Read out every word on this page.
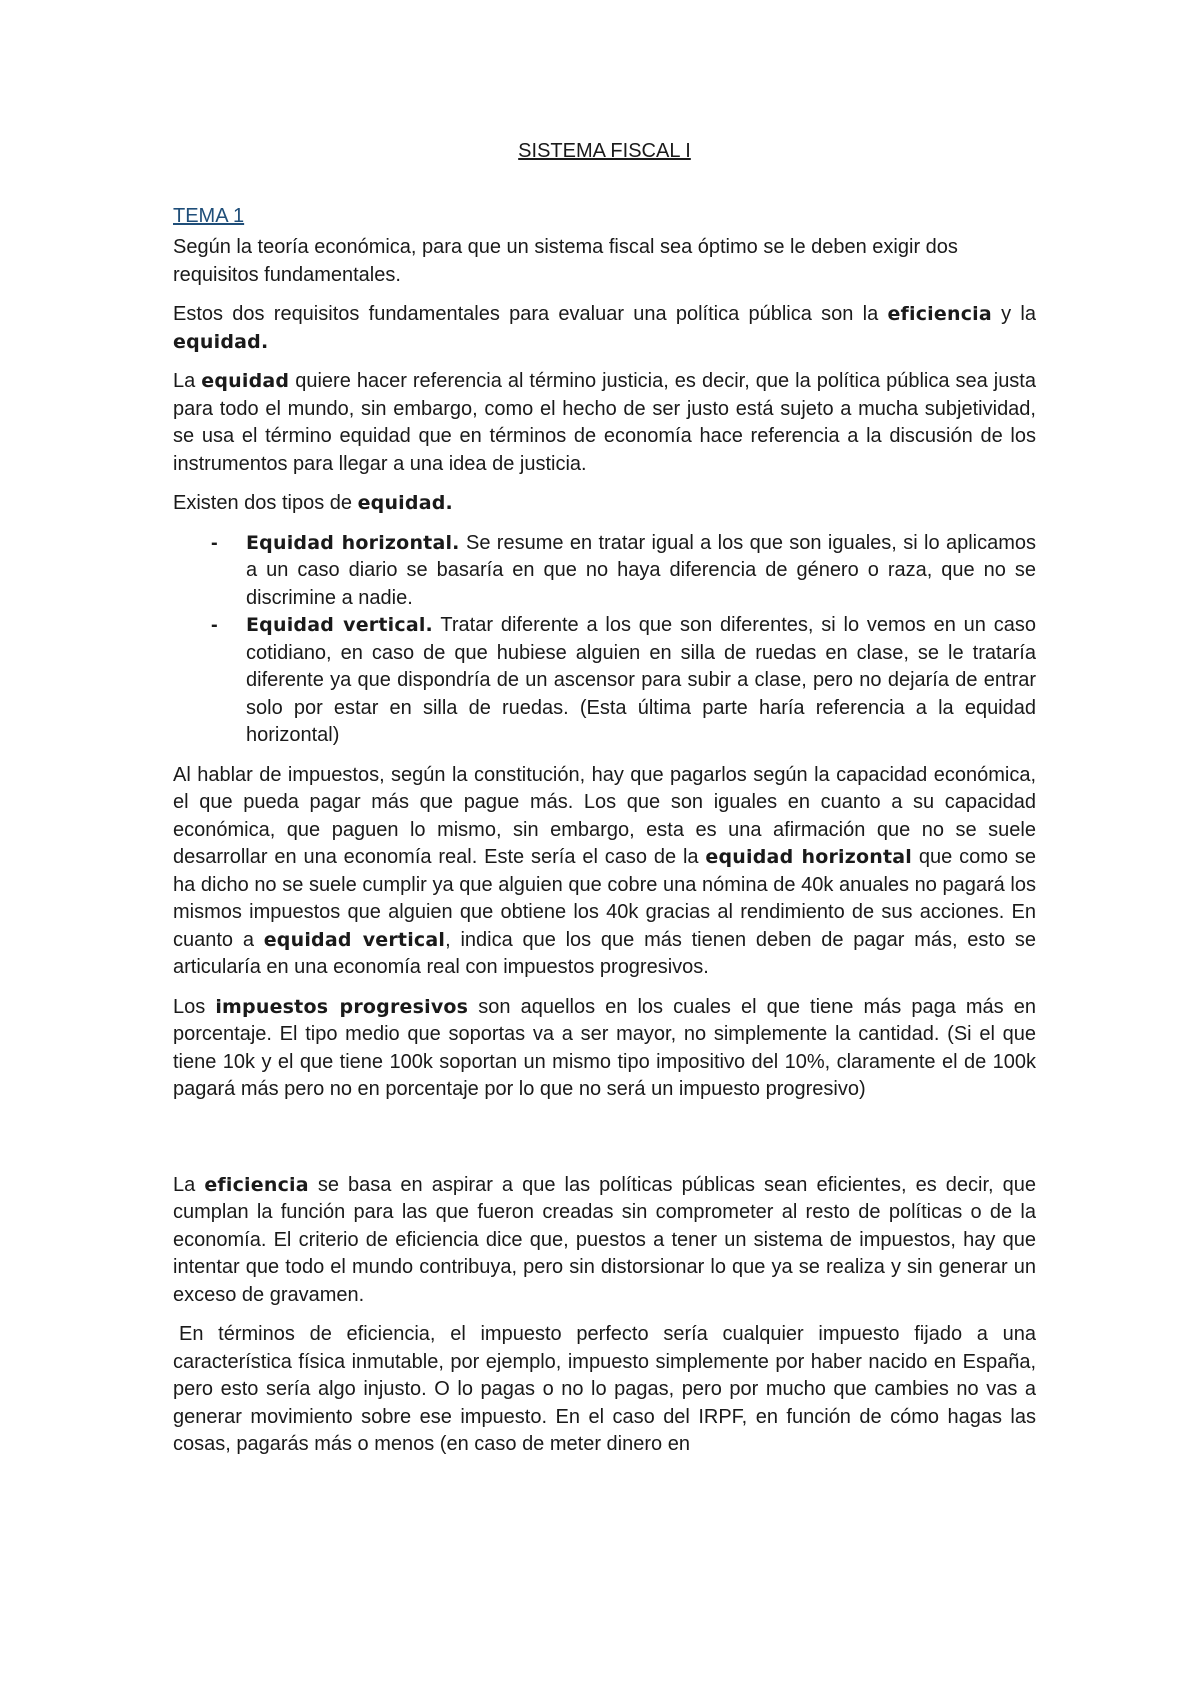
SISTEMA FISCAL I
TEMA 1

Según la teoría económica, para que un sistema fiscal sea óptimo se le deben exigir dos requisitos fundamentales.

Estos dos requisitos fundamentales para evaluar una política pública son la eficiencia y la equidad.

La equidad quiere hacer referencia al término justicia, es decir, que la política pública sea justa para todo el mundo, sin embargo, como el hecho de ser justo está sujeto a mucha subjetividad, se usa el término equidad que en términos de economía hace referencia a la discusión de los instrumentos para llegar a una idea de justicia.

Existen dos tipos de equidad.

- Equidad horizontal. Se resume en tratar igual a los que son iguales, si lo aplicamos a un caso diario se basaría en que no haya diferencia de género o raza, que no se discrimine a nadie.
- Equidad vertical. Tratar diferente a los que son diferentes, si lo vemos en un caso cotidiano, en caso de que hubiese alguien en silla de ruedas en clase, se le trataría diferente ya que dispondría de un ascensor para subir a clase, pero no dejaría de entrar solo por estar en silla de ruedas. (Esta última parte haría referencia a la equidad horizontal)

Al hablar de impuestos, según la constitución, hay que pagarlos según la capacidad económica, el que pueda pagar más que pague más. Los que son iguales en cuanto a su capacidad económica, que paguen lo mismo, sin embargo, esta es una afirmación que no se suele desarrollar en una economía real. Este sería el caso de la equidad horizontal que como se ha dicho no se suele cumplir ya que alguien que cobre una nómina de 40k anuales no pagará los mismos impuestos que alguien que obtiene los 40k gracias al rendimiento de sus acciones. En cuanto a equidad vertical, indica que los que más tienen deben de pagar más, esto se articularía en una economía real con impuestos progresivos.

Los impuestos progresivos son aquellos en los cuales el que tiene más paga más en porcentaje. El tipo medio que soportas va a ser mayor, no simplemente la cantidad. (Si el que tiene 10k y el que tiene 100k soportan un mismo tipo impositivo del 10%, claramente el de 100k pagará más pero no en porcentaje por lo que no será un impuesto progresivo)

La eficiencia se basa en aspirar a que las políticas públicas sean eficientes, es decir, que cumplan la función para las que fueron creadas sin comprometer al resto de políticas o de la economía. El criterio de eficiencia dice que, puestos a tener un sistema de impuestos, hay que intentar que todo el mundo contribuya, pero sin distorsionar lo que ya se realiza y sin generar un exceso de gravamen.

En términos de eficiencia, el impuesto perfecto sería cualquier impuesto fijado a una característica física inmutable, por ejemplo, impuesto simplemente por haber nacido en España, pero esto sería algo injusto. O lo pagas o no lo pagas, pero por mucho que cambies no vas a generar movimiento sobre ese impuesto. En el caso del IRPF, en función de cómo hagas las cosas, pagarás más o menos (en caso de meter dinero en
